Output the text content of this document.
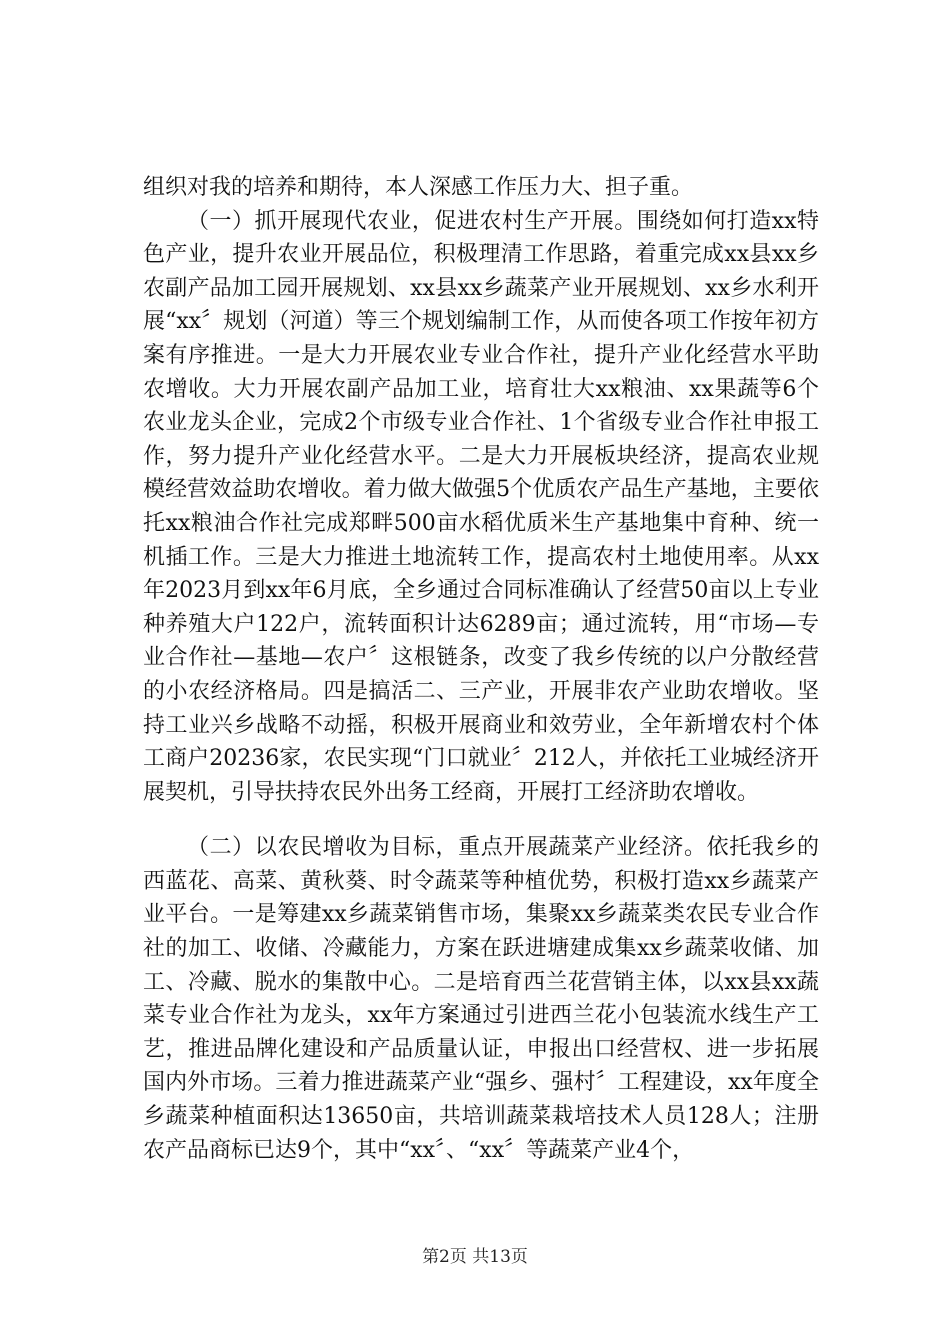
组织对我的培养和期待，本人深感工作压力大、担子重。

（一）抓开展现代农业，促进农村生产开展。围绕如何打造xx特色产业，提升农业开展品位，积极理清工作思路，着重完成xx县xx乡农副产品加工园开展规划、xx县xx乡蔬菜产业开展规划、xx乡水利开展“xx〞规划（河道）等三个规划编制工作，从而使各项工作按年初方案有序推进。一是大力开展农业专业合作社，提升产业化经营水平助农增收。大力开展农副产品加工业，培育壮大xx粮油、xx果蔬等6个农业龙头企业，完成2个市级专业合作社、1个省级专业合作社申报工作，努力提升产业化经营水平。二是大力开展板块经济，提高农业规模经营效益助农增收。着力做大做强5个优质农产品生产基地，主要依托xx粮油合作社完成郑畔500亩水稻优质米生产基地集中育种、统一机插工作。三是大力推进土地流转工作，提高农村土地使用率。从xx年2023月到xx年6月底，全乡通过合同标准确认了经营50亩以上专业种养殖大户122户，流转面积计达6289亩；通过流转，用“市场—专业合作社—基地—农户〞这根链条，改变了我乡传统的以户分散经营的小农经济格局。四是搞活二、三产业，开展非农产业助农增收。坚持工业兴乡战略不动摇，积极开展商业和效劳业，全年新增农村个体工商户20236家，农民实现“门口就业〞212人，并依托工业城经济开展契机，引导扶持农民外出务工经商，开展打工经济助农增收。

（二）以农民增收为目标，重点开展蔬菜产业经济。依托我乡的西蓝花、高菜、黄秋葵、时令蔬菜等种植优势，积极打造xx乡蔬菜产业平台。一是筹建xx乡蔬菜销售市场，集聚xx乡蔬菜类农民专业合作社的加工、收储、冷藏能力，方案在跃进塘建成集xx乡蔬菜收储、加工、冷藏、脱水的集散中心。二是培育西兰花营销主体，以xx县xx蔬菜专业合作社为龙头，xx年方案通过引进西兰花小包装流水线生产工艺，推进品牌化建设和产品质量认证，申报出口经营权、进一步拓展国内外市场。三着力推进蔬菜产业“强乡、强村〞工程建设，xx年度全乡蔬菜种植面积达13650亩，共培训蔬菜栽培技术人员128人；注册农产品商标已达9个，其中“xx〞、“xx〞等蔬菜产业4个，

第2页 共13页
